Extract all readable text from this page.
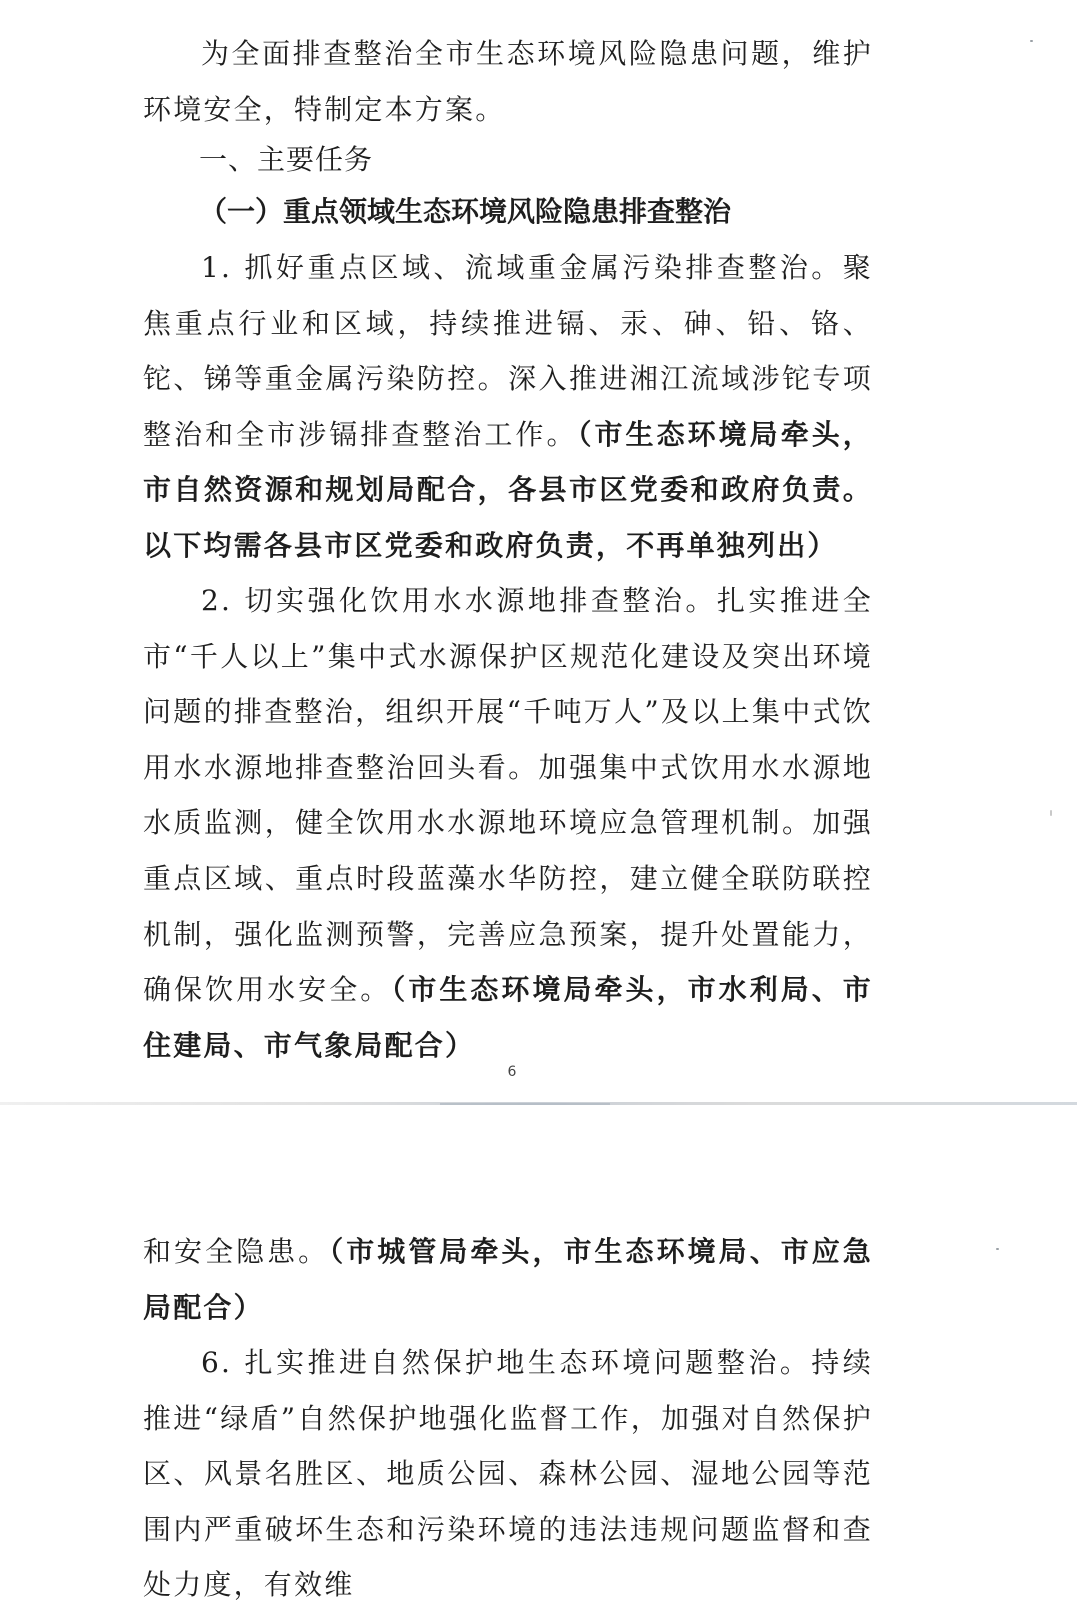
为全面排查整治全市生态环境风险隐患问题，维护环境安全，特制定本方案。

一、主要任务

（一）重点领域生态环境风险隐患排查整治

1. 抓好重点区域、流域重金属污染排查整治。聚焦重点行业和区域，持续推进镉、汞、砷、铅、铬、铊、锑等重金属污染防控。深入推进湘江流域涉铊专项整治和全市涉镉排查整治工作。（市生态环境局牵头，市自然资源和规划局配合，各县市区党委和政府负责。以下均需各县市区党委和政府负责，不再单独列出）

2. 切实强化饮用水水源地排查整治。扎实推进全市“千人以上”集中式水源保护区规范化建设及突出环境问题的排查整治，组织开展“千吨万人”及以上集中式饮用水水源地排查整治回头看。加强集中式饮用水水源地水质监测，健全饮用水水源地环境应急管理机制。加强重点区域、重点时段蓝藻水华防控，建立健全联防联控机制，强化监测预警，完善应急预案，提升处置能力，确保饮用水安全。（市生态环境局牵头，市水利局、市住建局、市气象局配合）

6

和安全隐患。（市城管局牵头，市生态环境局、市应急局配合）

6. 扎实推进自然保护地生态环境问题整治。持续推进“绿盾”自然保护地强化监督工作，加强对自然保护区、风景名胜区、地质公园、森林公园、湿地公园等范围内严重破坏生态和污染环境的违法违规问题监督和查处力度，有效维
